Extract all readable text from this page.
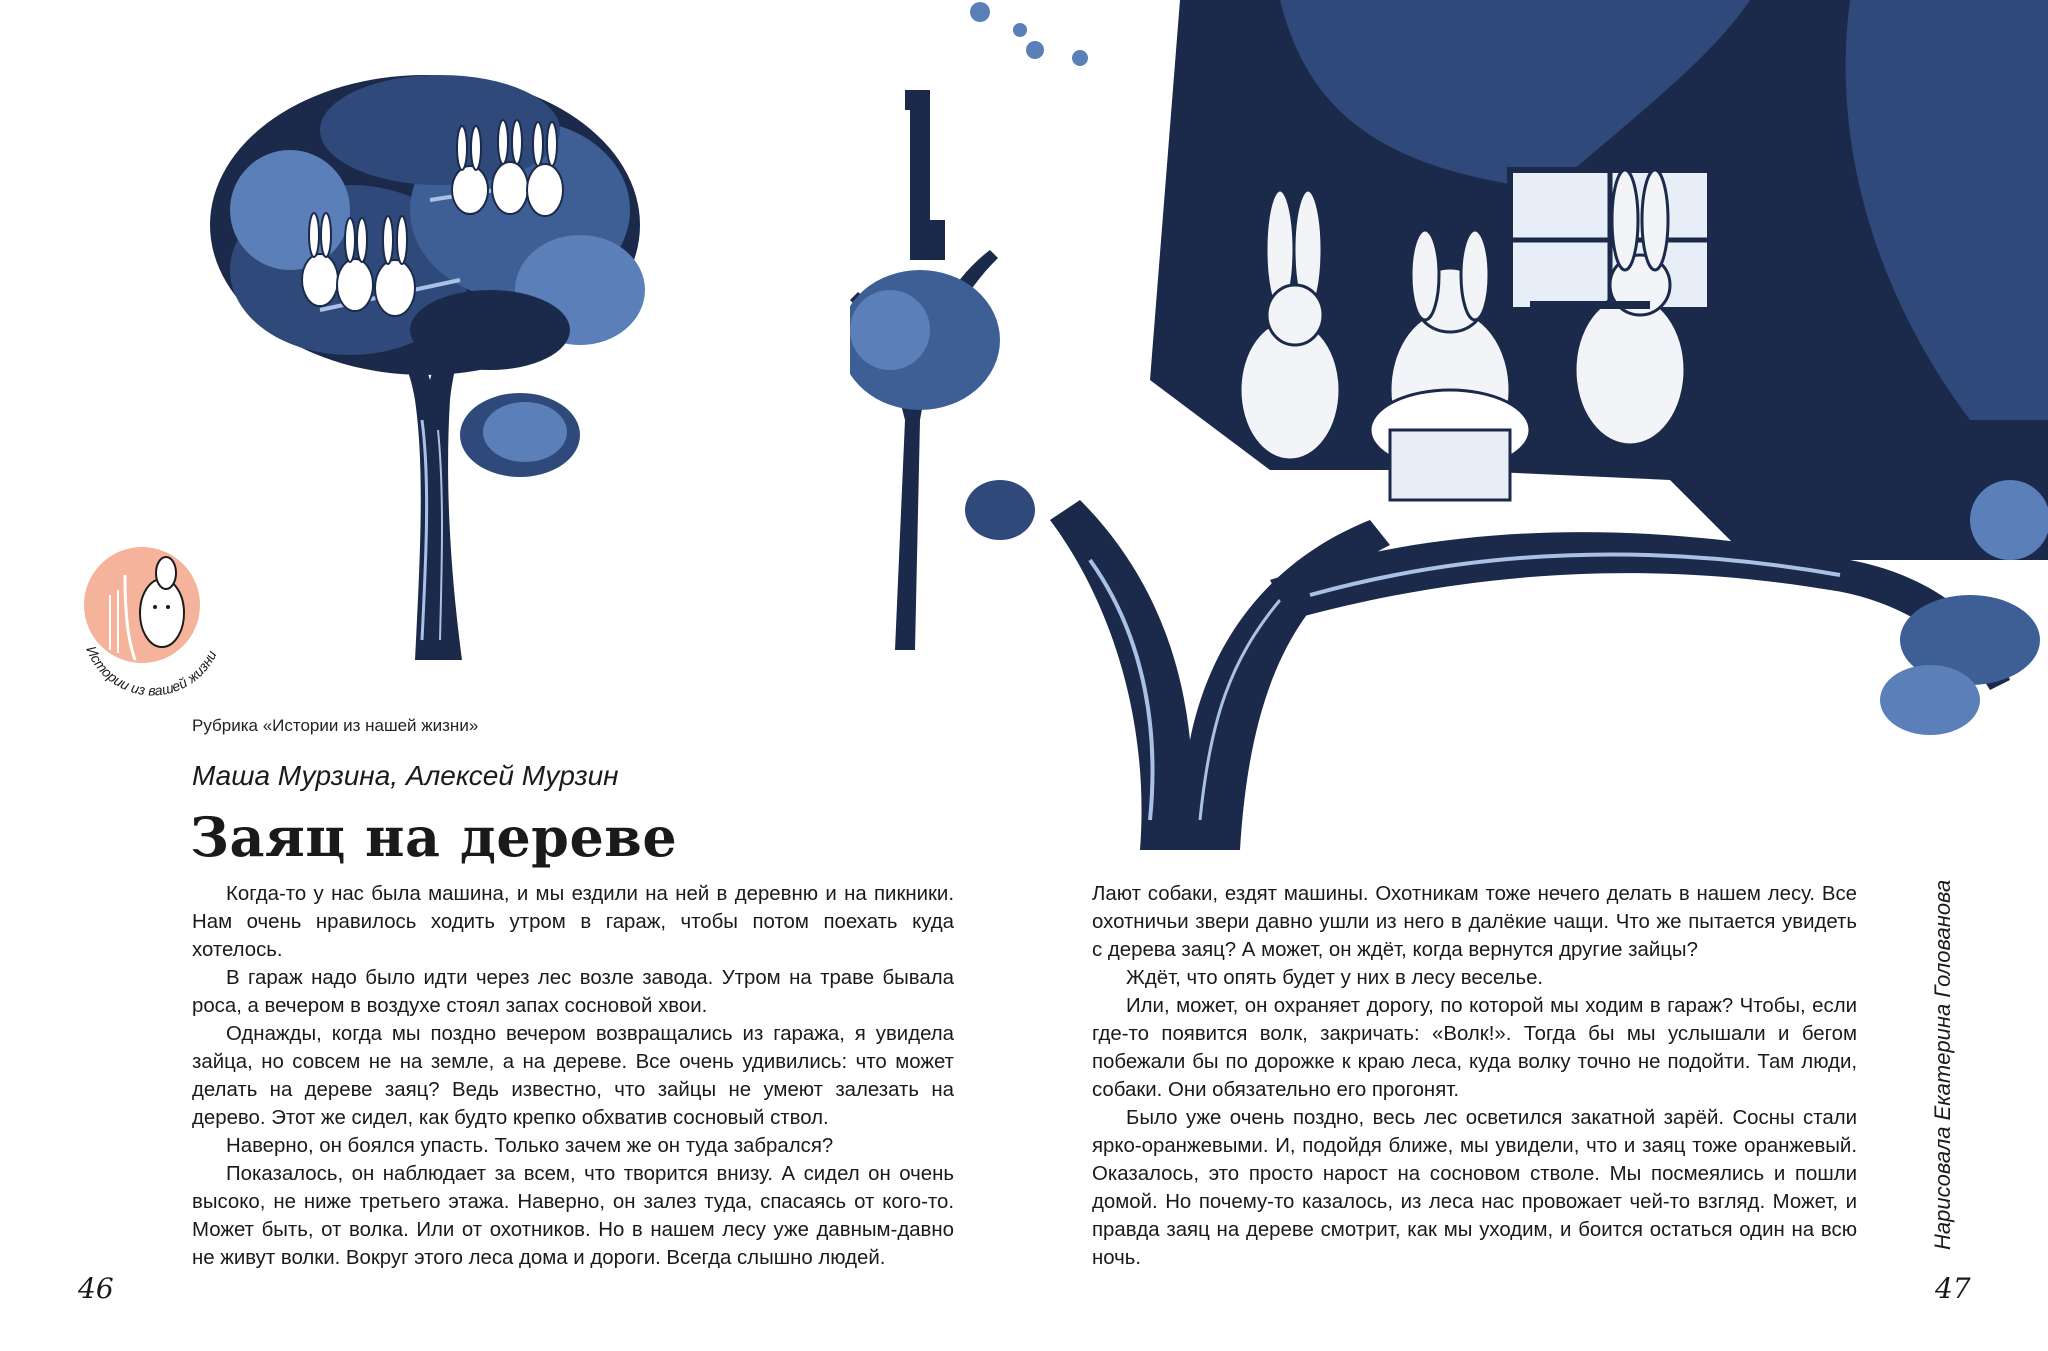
Истории из вашей жизни
Рубрика «Истории из нашей жизни»
Маша Мурзина, Алексей Мурзин
Заяц на дереве

Когда-то у нас была машина, и мы ездили на ней в деревню и на пикники. Нам очень нравилось ходить утром в гараж, чтобы потом поехать куда хотелось.

В гараж надо было идти через лес возле завода. Утром на траве бывала роса, а вечером в воздухе стоял запах сосновой хвои.

Однажды, когда мы поздно вечером возвращались из гаража, я увидела зайца, но совсем не на земле, а на дереве. Все очень удивились: что может делать на дереве заяц? Ведь известно, что зайцы не умеют залезать на дерево. Этот же сидел, как будто крепко обхватив сосновый ствол.

Наверно, он боялся упасть. Только зачем же он туда забрался?

Показалось, он наблюдает за всем, что творится внизу. А сидел он очень высоко, не ниже третьего этажа. Наверно, он залез туда, спасаясь от кого-то. Может быть, от волка. Или от охотников. Но в нашем лесу уже давным-давно не живут волки. Вокруг этого леса дома и дороги. Всегда слышно людей.

Лают собаки, ездят машины. Охотникам тоже нечего делать в нашем лесу. Все охотничьи звери давно ушли из него в далёкие чащи. Что же пытается увидеть с дерева заяц? А может, он ждёт, когда вернутся другие зайцы?

Ждёт, что опять будет у них в лесу веселье.

Или, может, он охраняет дорогу, по которой мы ходим в гараж? Чтобы, если где-то появится волк, закричать: «Волк!». Тогда бы мы услышали и бегом побежали бы по дорожке к краю леса, куда волку точно не подойти. Там люди, собаки. Они обязательно его прогонят.

Было уже очень поздно, весь лес осветился закатной зарёй. Сосны стали ярко-оранжевыми. И, подойдя ближе, мы увидели, что и заяц тоже оранжевый. Оказалось, это просто нарост на сосновом стволе. Мы посмеялись и пошли домой. Но почему-то казалось, из леса нас провожает чей-то взгляд. Может, и правда заяц на дереве смотрит, как мы уходим, и боится остаться один на всю ночь.

46	47
Нарисовала Екатерина Голованова
